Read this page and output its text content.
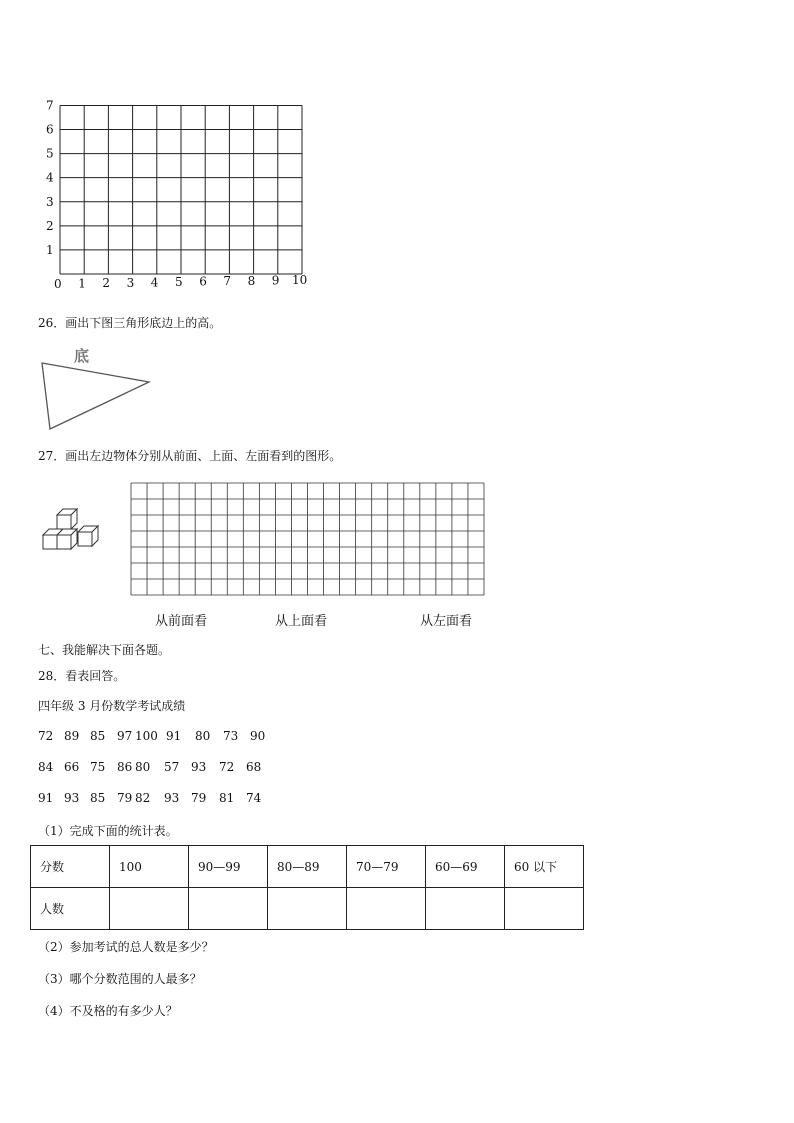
7
6
5
4
3
2
1
0 1 2 3 4 5 6 7 8 9 10
26．画出下图三角形底边上的高。
底
27．画出左边物体分别从前面、上面、左面看到的图形。
从前面看	从上面看	从左面看
七、我能解决下面各题。
28．看表回答。
四年级 3 月份数学考试成绩
72 89 85 97 100 91 80 73 90
84 66 75 86 80 57 93 72 68
91 93 85 79 82 93 79 81 74
（1）完成下面的统计表。
分数	100	90—99	80—89	70—79	60—69	60 以下
人数						
（2）参加考试的总人数是多少？
（3）哪个分数范围的人最多？
（4）不及格的有多少人？
